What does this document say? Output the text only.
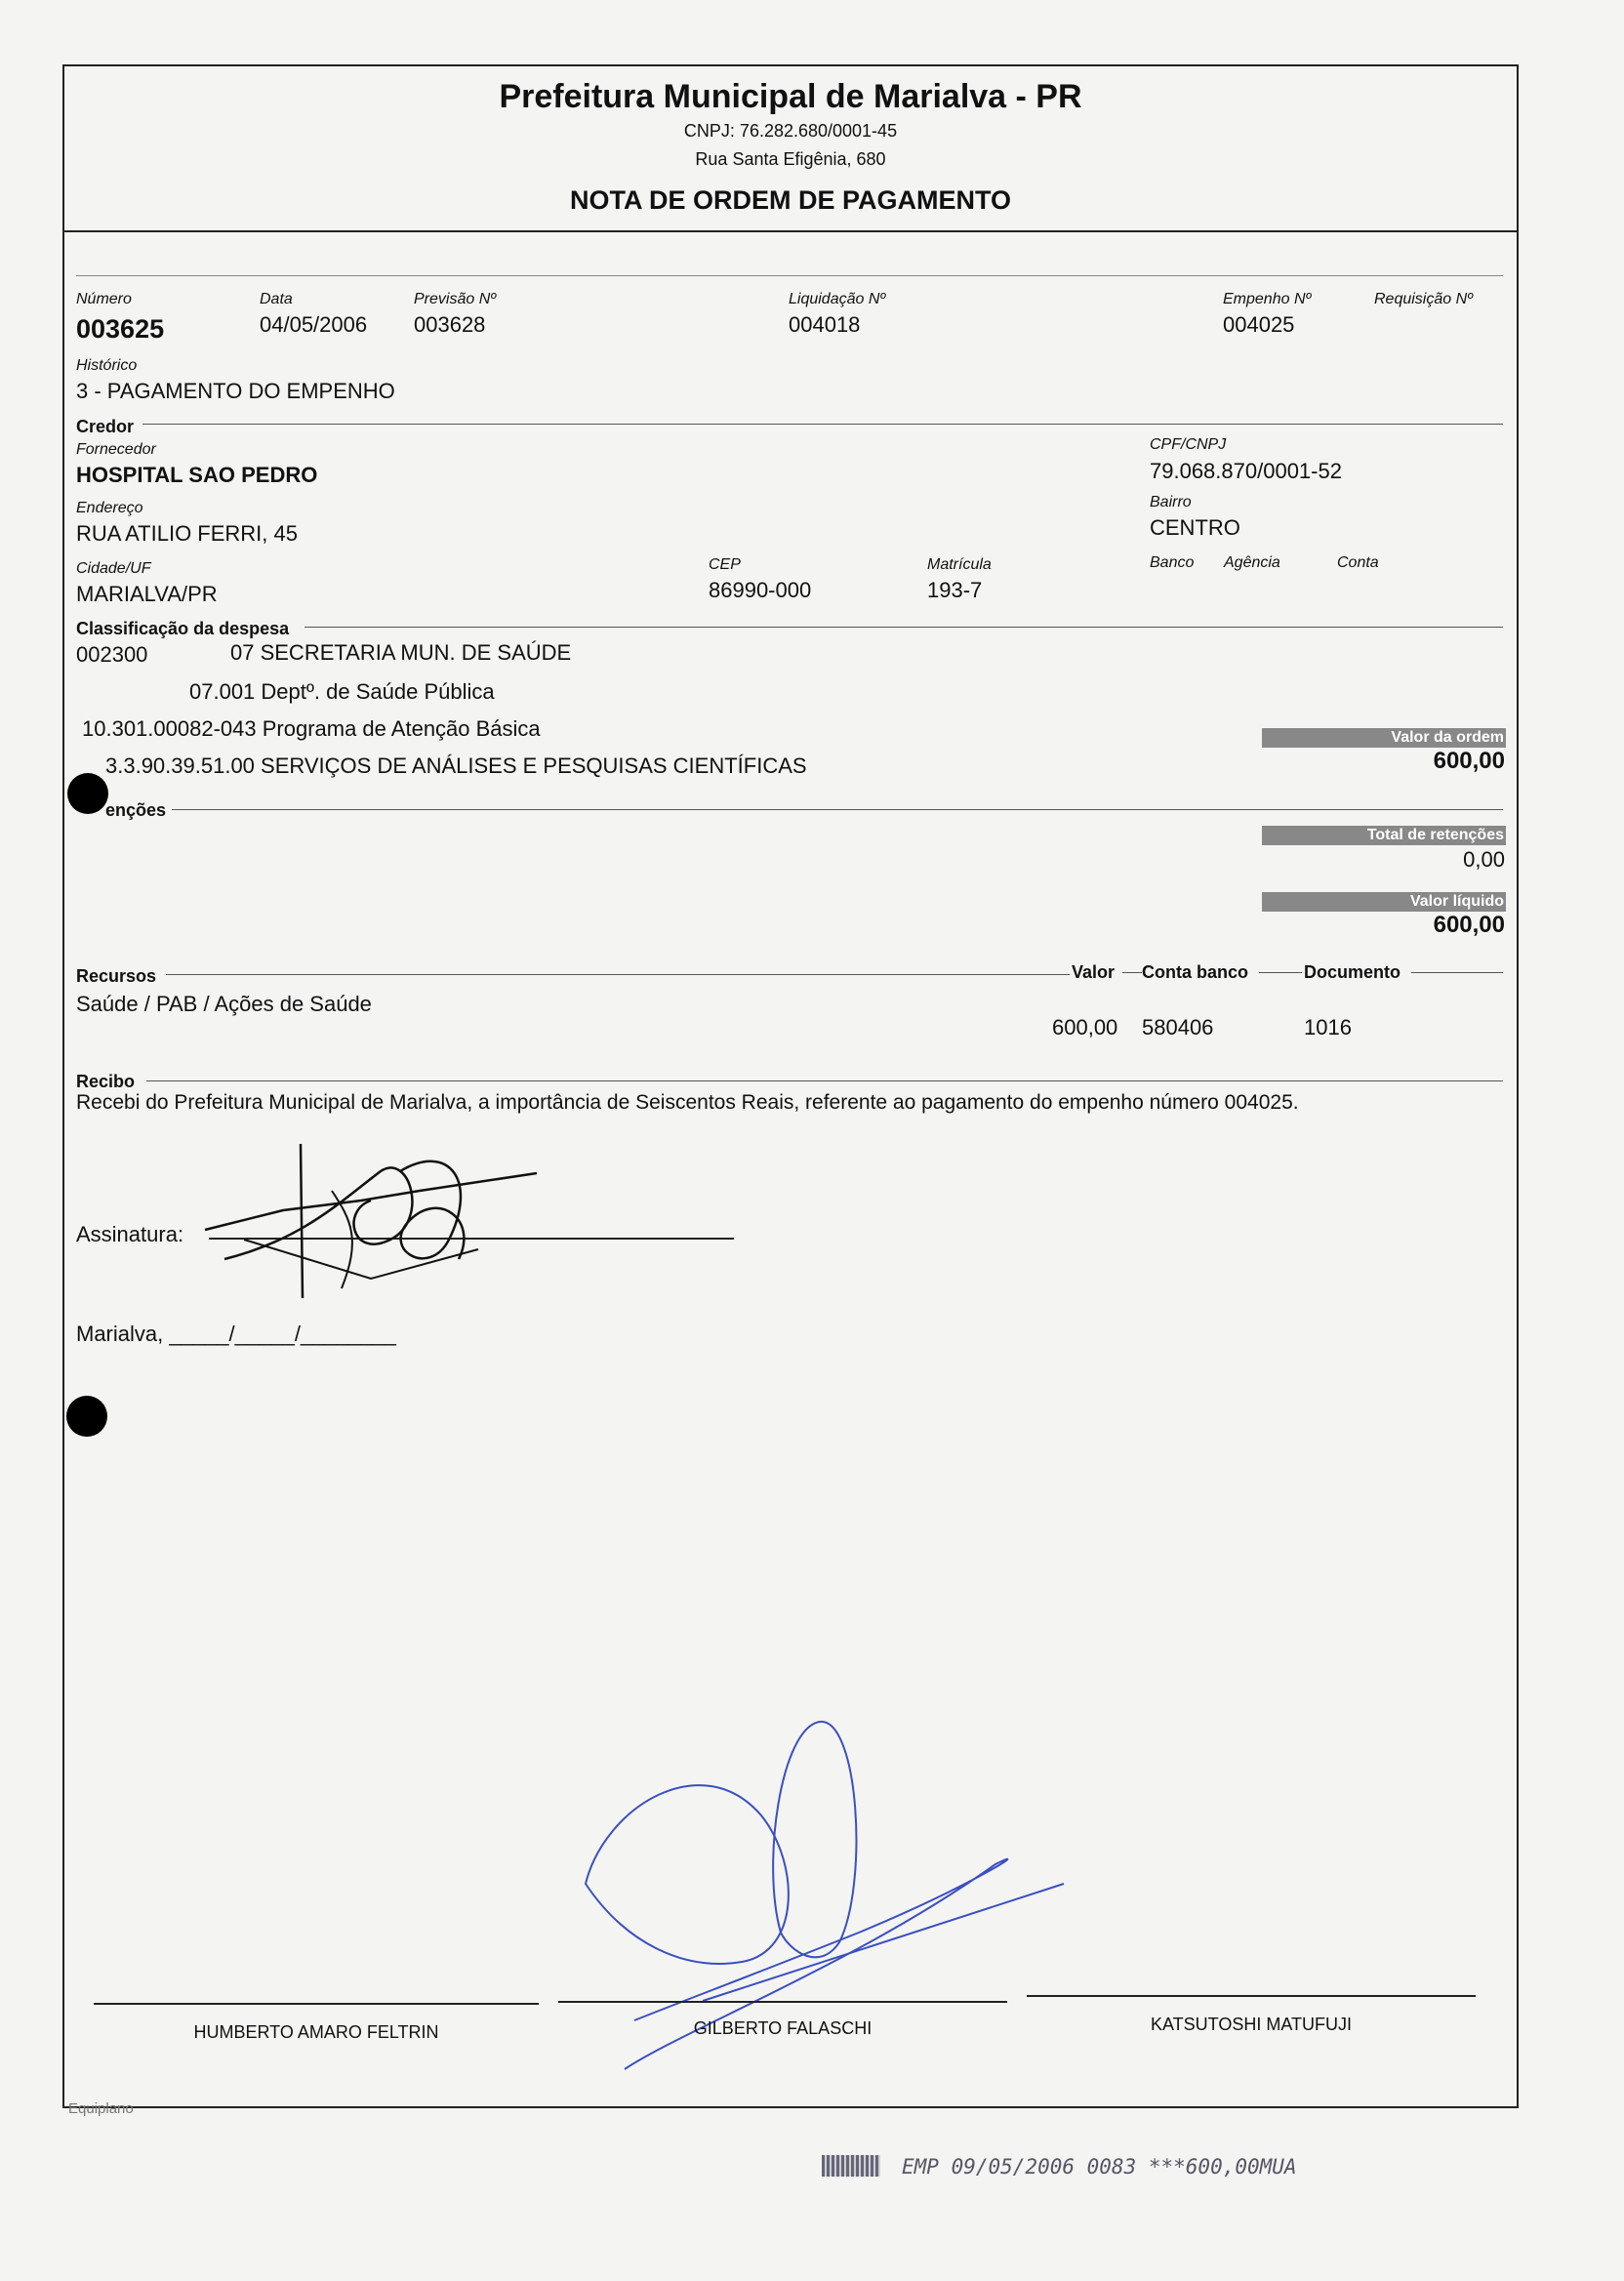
Prefeitura Municipal de Marialva - PR
CNPJ: 76.282.680/0001-45
Rua Santa Efigênia, 680
NOTA DE ORDEM DE PAGAMENTO
Número
003625
Data
04/05/2006
Previsão Nº
003628
Liquidação Nº
004018
Empenho Nº
004025
Requisição Nº
Histórico
3 - PAGAMENTO DO EMPENHO
Credor
Fornecedor
HOSPITAL SAO PEDRO
CPF/CNPJ
79.068.870/0001-52
Endereço
RUA ATILIO FERRI, 45
Bairro
CENTRO
Cidade/UF
MARIALVA/PR
CEP
86990-000
Matrícula
193-7
Banco Agência	Conta
Classificação da despesa
002300	07 SECRETARIA MUN. DE SAÚDE
07.001 Deptº. de Saúde Pública
10.301.00082-043 Programa de Atenção Básica
3.3.90.39.51.00 SERVIÇOS DE ANÁLISES E PESQUISAS CIENTÍFICAS
Valor da ordem
600,00
enções
Total de retenções
0,00
Valor líquido
600,00
Recursos	Valor Conta banco	Documento
Saúde / PAB / Ações de Saúde
600,00 580406	1016
Recibo
Recebi do Prefeitura Municipal de Marialva, a importância de Seiscentos Reais, referente ao pagamento do empenho número 004025.
Assinatura:
Marialva, _____/_____/________
HUMBERTO AMARO FELTRIN	GILBERTO FALASCHI	KATSUTOSHI MATUFUJI
Equiplano
EMP 09/05/2006 0083 ***600,00MUA
